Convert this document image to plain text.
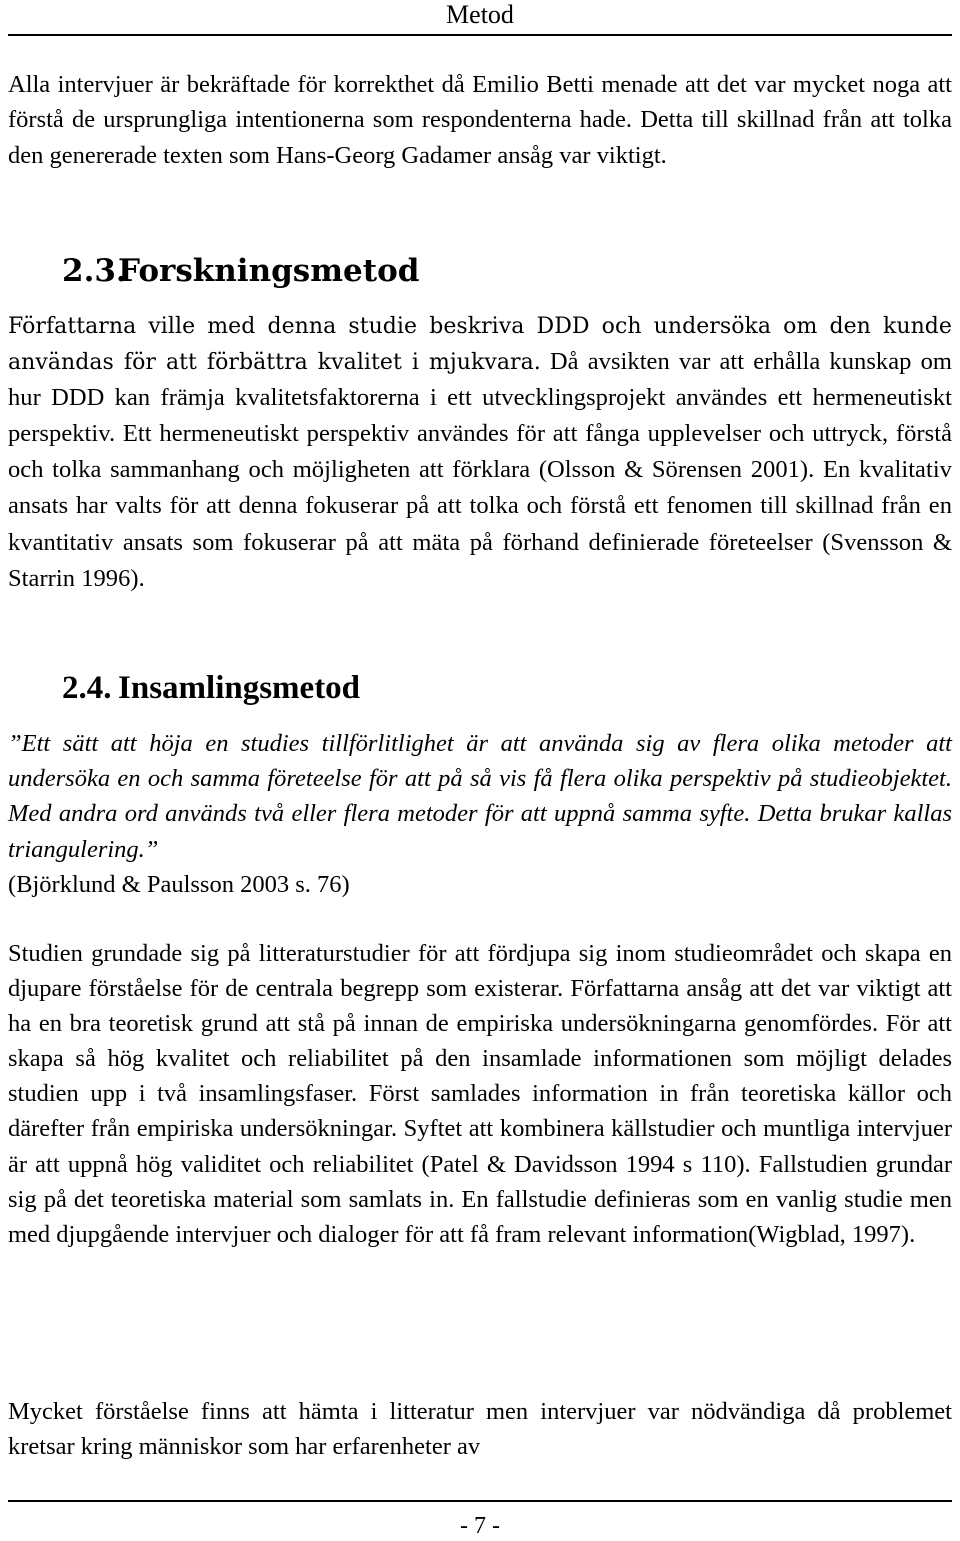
Metod

Alla intervjuer är bekräftade för korrekthet då Emilio Betti menade att det var mycket noga att förstå de ursprungliga intentionerna som respondenterna hade. Detta till skillnad från att tolka den genererade texten som Hans-Georg Gadamer ansåg var viktigt.

2.3.Forskningsmetod

Författarna ville med denna studie beskriva DDD och undersöka om den kunde användas för att förbättra kvalitet i mjukvara. Då avsikten var att erhålla kunskap om hur DDD kan främja kvalitetsfaktorerna i ett utvecklingsprojekt användes ett hermeneutiskt perspektiv. Ett hermeneutiskt perspektiv användes för att fånga upplevelser och uttryck, förstå och tolka sammanhang och möjligheten att förklara (Olsson & Sörensen 2001). En kvalitativ ansats har valts för att denna fokuserar på att tolka och förstå ett fenomen till skillnad från en kvantitativ ansats som fokuserar på att mäta på förhand definierade företeelser (Svensson & Starrin 1996).

2.4. Insamlingsmetod

”Ett sätt att höja en studies tillförlitlighet är att använda sig av flera olika metoder att undersöka en och samma företeelse för att på så vis få flera olika perspektiv på studieobjektet. Med andra ord används två eller flera metoder för att uppnå samma syfte. Detta brukar kallas triangulering.”
(Björklund & Paulsson 2003 s. 76)

Studien grundade sig på litteraturstudier för att fördjupa sig inom studieområdet och skapa en djupare förståelse för de centrala begrepp som existerar. Författarna ansåg att det var viktigt att ha en bra teoretisk grund att stå på innan de empiriska undersökningarna genomfördes. För att skapa så hög kvalitet och reliabilitet på den insamlade informationen som möjligt delades studien upp i två insamlingsfaser. Först samlades information in från teoretiska källor och därefter från empiriska undersökningar. Syftet att kombinera källstudier och muntliga intervjuer är att uppnå hög validitet och reliabilitet (Patel & Davidsson 1994 s 110). Fallstudien grundar sig på det teoretiska material som samlats in. En fallstudie definieras som en vanlig studie men med djupgående intervjuer och dialoger för att få fram relevant information(Wigblad, 1997).

Mycket förståelse finns att hämta i litteratur men intervjuer var nödvändiga då problemet kretsar kring människor som har erfarenheter av

- 7 -
